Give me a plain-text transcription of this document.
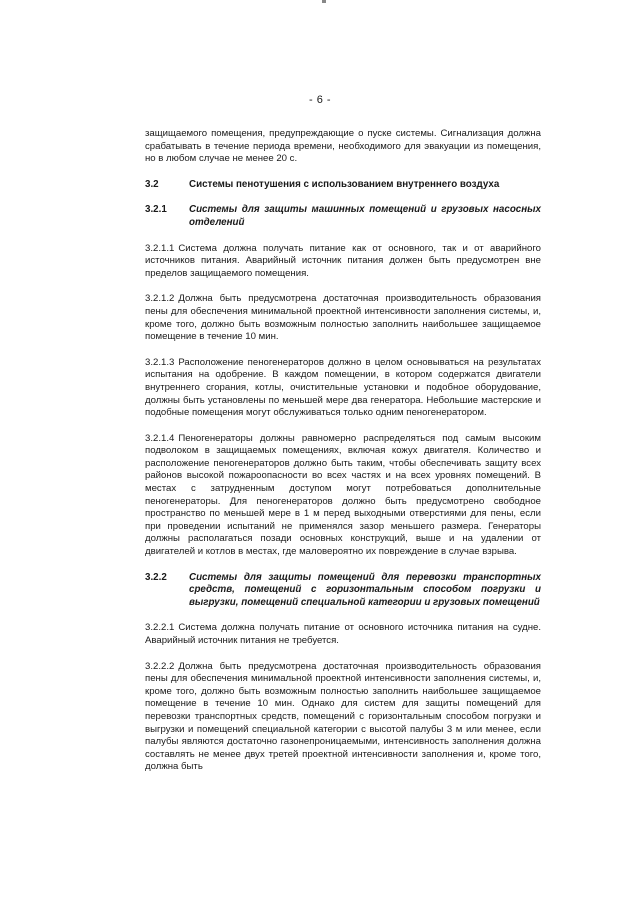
- 6 -

защищаемого помещения, предупреждающие о пуске системы. Сигнализация должна срабатывать в течение периода времени, необходимого для эвакуации из помещения, но в любом случае не менее 20 с.

3.2	Системы пенотушения с использованием внутреннего воздуха
3.2.1	Системы для защиты машинных помещений и грузовых насосных отделений

3.2.1.1 Система должна получать питание как от основного, так и от аварийного источников питания. Аварийный источник питания должен быть предусмотрен вне пределов защищаемого помещения.

3.2.1.2 Должна быть предусмотрена достаточная производительность образования пены для обеспечения минимальной проектной интенсивности заполнения системы, и, кроме того, должно быть возможным полностью заполнить наибольшее защищаемое помещение в течение 10 мин.

3.2.1.3 Расположение пеногенераторов должно в целом основываться на результатах испытания на одобрение. В каждом помещении, в котором содержатся двигатели внутреннего сгорания, котлы, очистительные установки и подобное оборудование, должны быть установлены по меньшей мере два генератора. Небольшие мастерские и подобные помещения могут обслуживаться только одним пеногенератором.

3.2.1.4 Пеногенераторы должны равномерно распределяться под самым высоким подволоком в защищаемых помещениях, включая кожух двигателя. Количество и расположение пеногенераторов должно быть таким, чтобы обеспечивать защиту всех районов высокой пожароопасности во всех частях и на всех уровнях помещений. В местах с затрудненным доступом могут потребоваться дополнительные пеногенераторы. Для пеногенераторов должно быть предусмотрено свободное пространство по меньшей мере в 1 м перед выходными отверстиями для пены, если при проведении испытаний не применялся зазор меньшего размера. Генераторы должны располагаться позади основных конструкций, выше и на удалении от двигателей и котлов в местах, где маловероятно их повреждение в случае взрыва.

3.2.2	Системы для защиты помещений для перевозки транспортных средств, помещений с горизонтальным способом погрузки и выгрузки, помещений специальной категории и грузовых помещений

3.2.2.1 Система должна получать питание от основного источника питания на судне. Аварийный источник питания не требуется.

3.2.2.2 Должна быть предусмотрена достаточная производительность образования пены для обеспечения минимальной проектной интенсивности заполнения системы, и, кроме того, должно быть возможным полностью заполнить наибольшее защищаемое помещение в течение 10 мин. Однако для систем для защиты помещений для перевозки транспортных средств, помещений с горизонтальным способом погрузки и выгрузки и помещений специальной категории с высотой палубы 3 м или менее, если палубы являются достаточно газонепроницаемыми, интенсивность заполнения должна составлять не менее двух третей проектной интенсивности заполнения и, кроме того, должна быть
